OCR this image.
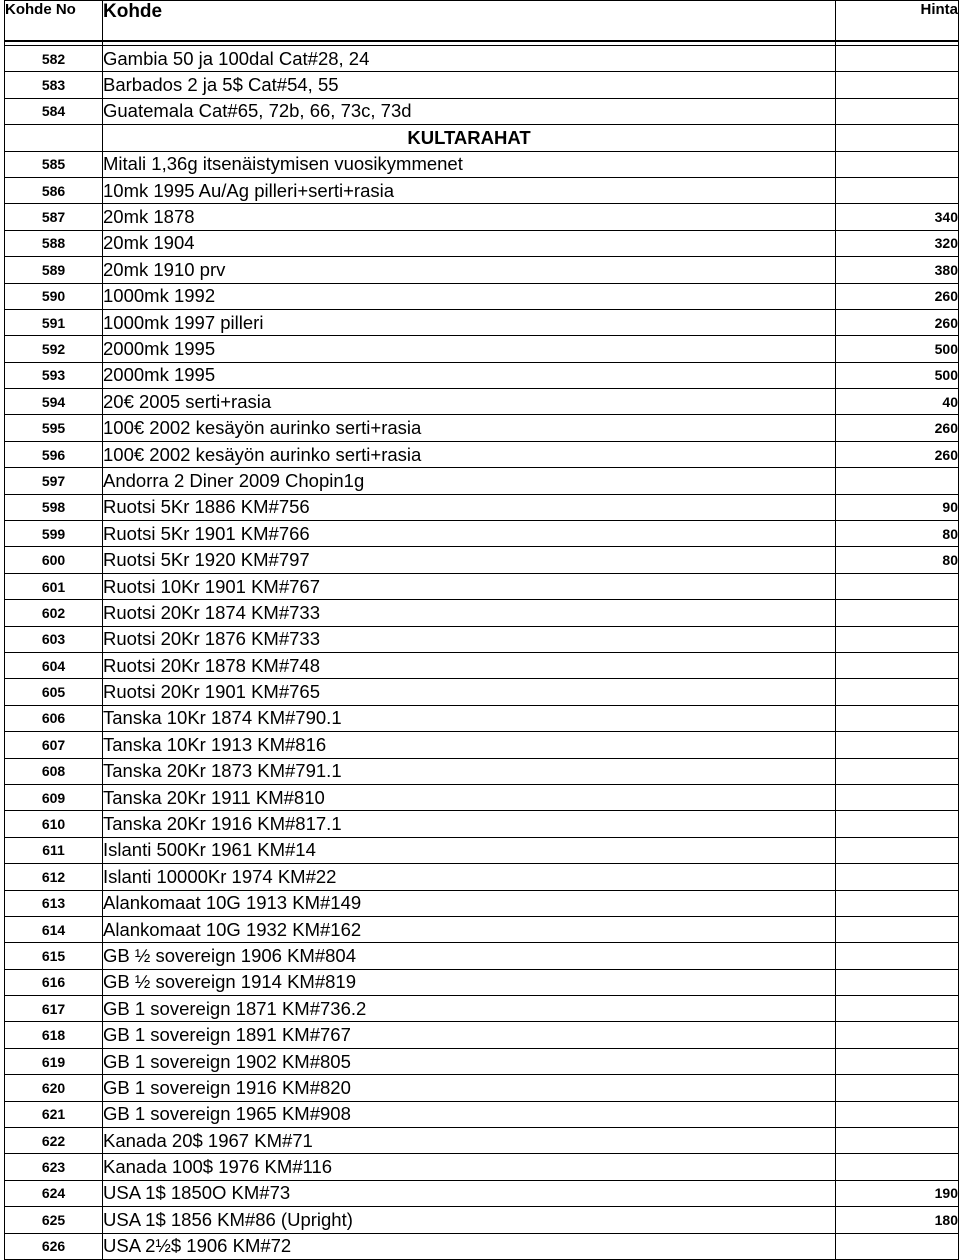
Kohde No	Kohde	Hinta

582	Gambia 50 ja 100dal Cat#28, 24	
583	Barbados 2 ja 5$ Cat#54, 55	
584	Guatemala Cat#65, 72b, 66, 73c, 73d	
	KULTARAHAT	
585	Mitali 1,36g itsenäistymisen vuosikymmenet	
586	10mk 1995 Au/Ag pilleri+serti+rasia	
587	20mk 1878	340
588	20mk 1904	320
589	20mk 1910 prv	380
590	1000mk 1992	260
591	1000mk 1997 pilleri	260
592	2000mk 1995	500
593	2000mk 1995	500
594	20€ 2005 serti+rasia	40
595	100€ 2002 kesäyön aurinko serti+rasia	260
596	100€ 2002 kesäyön aurinko serti+rasia	260
597	Andorra 2 Diner 2009 Chopin1g	
598	Ruotsi 5Kr 1886 KM#756	90
599	Ruotsi 5Kr 1901 KM#766	80
600	Ruotsi 5Kr 1920 KM#797	80
601	Ruotsi 10Kr 1901 KM#767	
602	Ruotsi 20Kr 1874 KM#733	
603	Ruotsi 20Kr 1876 KM#733	
604	Ruotsi 20Kr 1878 KM#748	
605	Ruotsi 20Kr 1901 KM#765	
606	Tanska 10Kr 1874 KM#790.1	
607	Tanska 10Kr 1913 KM#816	
608	Tanska 20Kr 1873 KM#791.1	
609	Tanska 20Kr 1911 KM#810	
610	Tanska 20Kr 1916 KM#817.1	
611	Islanti 500Kr 1961 KM#14	
612	Islanti 10000Kr 1974 KM#22	
613	Alankomaat 10G 1913 KM#149	
614	Alankomaat 10G 1932 KM#162	
615	GB ½ sovereign 1906 KM#804	
616	GB ½ sovereign 1914 KM#819	
617	GB 1 sovereign 1871 KM#736.2	
618	GB 1 sovereign 1891 KM#767	
619	GB 1 sovereign 1902 KM#805	
620	GB 1 sovereign 1916 KM#820	
621	GB 1 sovereign 1965 KM#908	
622	Kanada 20$ 1967 KM#71	
623	Kanada 100$ 1976 KM#116	
624	USA 1$ 1850O KM#73	190
625	USA 1$ 1856 KM#86 (Upright)	180
626	USA 2½$ 1906 KM#72	
